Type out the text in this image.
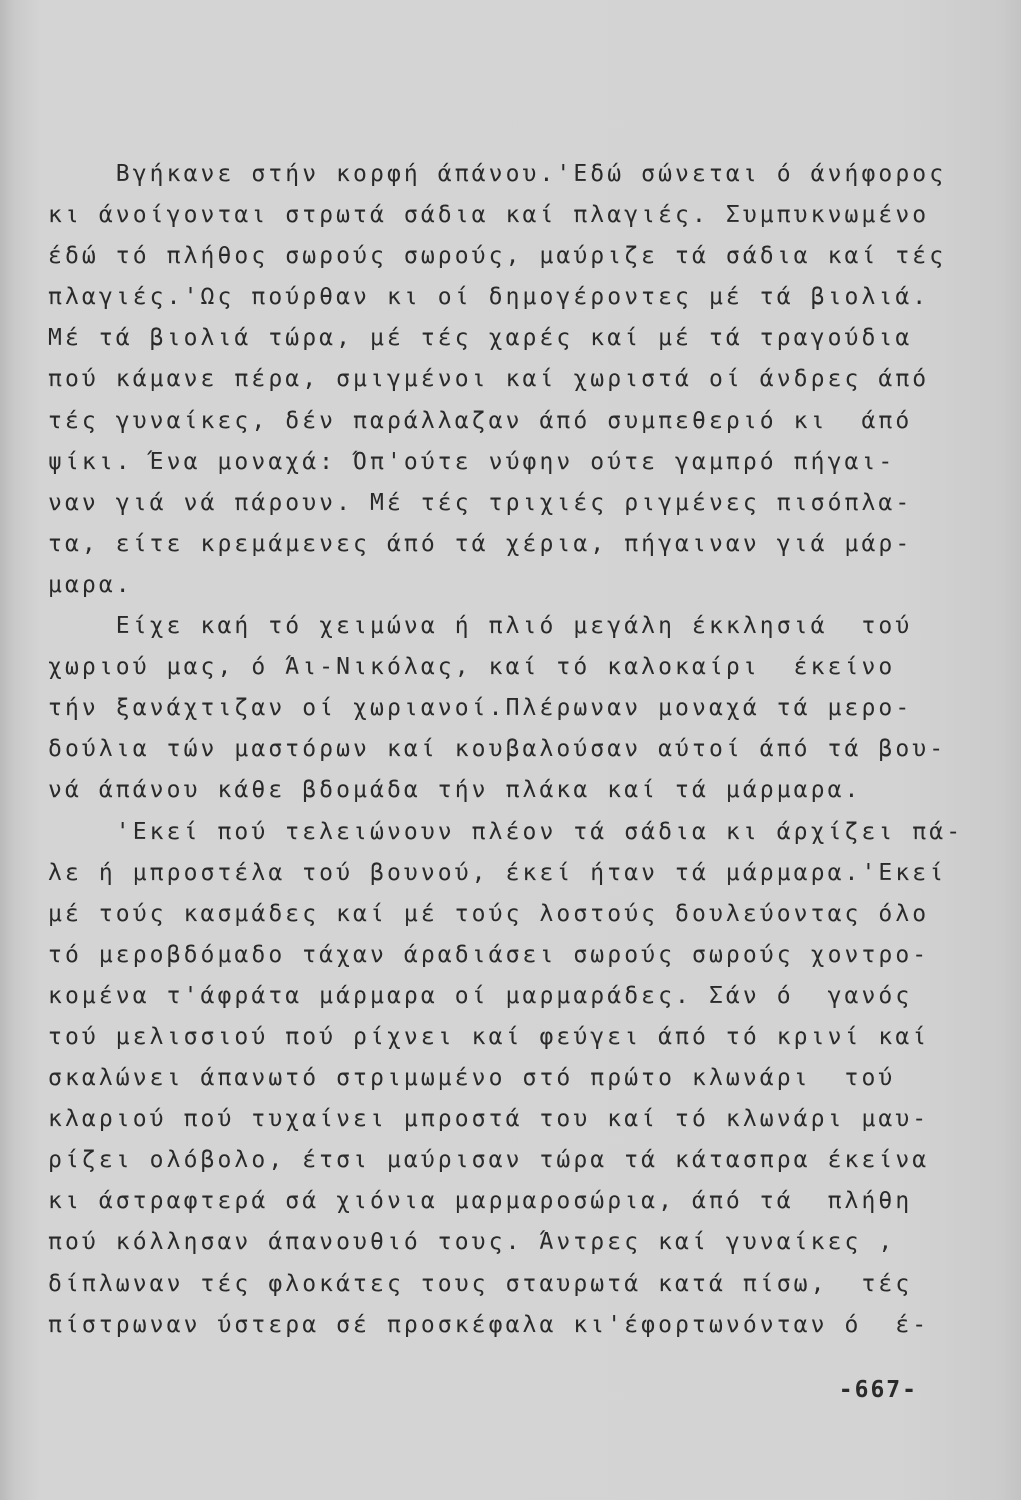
Βγήκανε στήν κορφή άπάνου.'Εδώ σώνεται ό άνήφορος
κι άνοίγονται στρωτά σάδια καί πλαγιές. Συμπυκνωμένο
έδώ τό πλήθος σωρούς σωρούς, μαύριζε τά σάδια καί τές
πλαγιές.'Ως πούρθαν κι οί δημογέροντες μέ τά βιολιά.
Μέ τά βιολιά τώρα, μέ τές χαρές καί μέ τά τραγούδια
πού κάμανε πέρα, σμιγμένοι καί χωριστά οί άνδρες άπό
τές γυναίκες, δέν παράλλαζαν άπό συμπεθεριό κι  άπό
ψίκι. Ένα μοναχά: Όπ'ούτε νύφην ούτε γαμπρό πήγαι-
ναν γιά νά πάρουν. Μέ τές τριχιές ριγμένες πισόπλα-
τα, είτε κρεμάμενες άπό τά χέρια, πήγαιναν γιά μάρ-
μαρα.
Είχε καή τό χειμώνα ή πλιό μεγάλη έκκλησιά  τού
χωριού μας, ό Άι-Νικόλας, καί τό καλοκαίρι  έκείνο
τήν ξανάχτιζαν οί χωριανοί.Πλέρωναν μοναχά τά μερο-
δούλια τών μαστόρων καί κουβαλούσαν αύτοί άπό τά βου-
νά άπάνου κάθε βδομάδα τήν πλάκα καί τά μάρμαρα.
'Εκεί πού τελειώνουν πλέον τά σάδια κι άρχίζει πά-
λε ή μπροστέλα τού βουνού, έκεί ήταν τά μάρμαρα.'Εκεί
μέ τούς κασμάδες καί μέ τούς λοστούς δουλεύοντας όλο
τό μεροβδόμαδο τάχαν άραδιάσει σωρούς σωρούς χοντρο-
κομένα τ'άφράτα μάρμαρα οί μαρμαράδες. Σάν ό  γανός
τού μελισσιού πού ρίχνει καί φεύγει άπό τό κρινί καί
σκαλώνει άπανωτό στριμωμένο στό πρώτο κλωνάρι  τού
κλαριού πού τυχαίνει μπροστά του καί τό κλωνάρι μαυ-
ρίζει ολόβολο, έτσι μαύρισαν τώρα τά κάτασπρα έκείνα
κι άστραφτερά σά χιόνια μαρμαροσώρια, άπό τά  πλήθη
πού κόλλησαν άπανουθιό τους. Άντρες καί γυναίκες ,
δίπλωναν τές φλοκάτες τους σταυρωτά κατά πίσω,  τές
πίστρωναν ύστερα σέ προσκέφαλα κι'έφορτωνόνταν ό  έ-
-667-
